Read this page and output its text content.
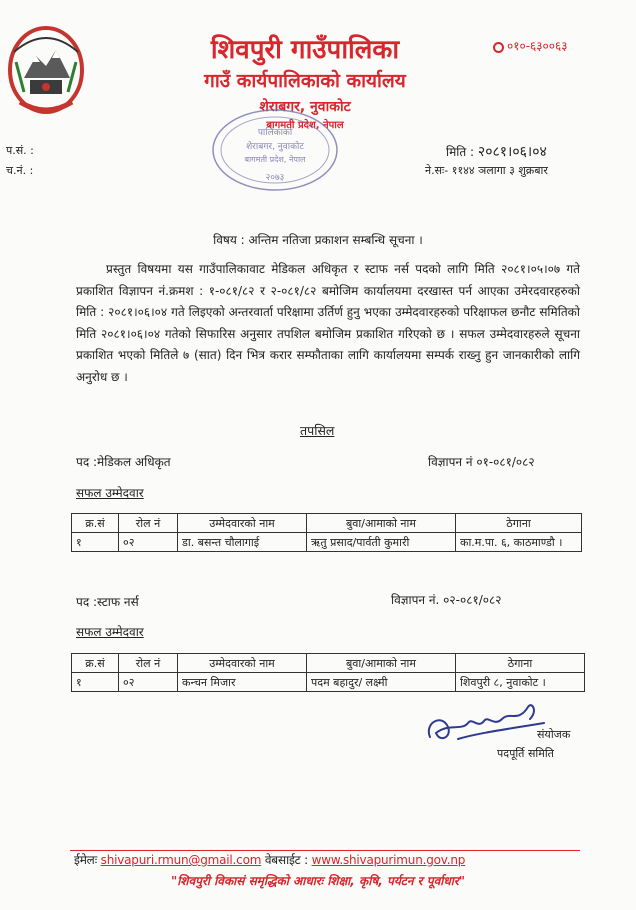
शिवपुरी गाउँपालिका
गाउँ कार्यपालिकाको कार्यालय
शेराबगर, नुवाकोट
बागमती प्रदेश, नेपाल
०१०-६३००६३
पालिकाको
शेराबगर, नुवाकोट
बागमती प्रदेश, नेपाल
२०७३
प.सं. :
च.नं. :
मिति : २०८१।०६।०४
ने.सः- ११४४ ञलागा ३ शुक्रबार
विषय : अन्तिम नतिजा प्रकाशन सम्बन्धि सूचना ।

प्रस्तुत विषयमा यस गाउँपालिकावाट मेडिकल अधिकृत र स्टाफ नर्स पदको लागि मिति २०८१।०५।०७ गते प्रकाशित विज्ञापन नं.क्रमश : १-०८१/८२ र २-०८१/८२ बमोजिम कार्यालयमा दरखास्त पर्न आएका उमेरदवारहरुको मिति : २०८१।०६।०४ गते लिइएको अन्तरवार्ता परिक्षामा उर्तिर्ण हुनु भएका उम्मेदवारहरुको परिक्षाफल छनौट समितिको मिति २०८१।०६।०४ गतेको सिफारिस अनुसार तपशिल बमोजिम प्रकाशित गरिएको छ । सफल उम्मेदवारहरुले सूचना प्रकाशित भएको मितिले ७ (सात) दिन भित्र करार सम्फौताका लागि कार्यालयमा सम्पर्क राख्नु हुन जानकारीको लागि अनुरोध छ ।

तपसिल
पद :मेडिकल अधिकृत	विज्ञापन नं ०१-०८१/०८२
सफल उम्मेदवार
क्र.सं	रोल नं	उम्मेदवारको नाम	बुवा/आमाको नाम	ठेगाना
१	०२	डा. बसन्त चौलागाई	ऋतु प्रसाद/पार्वती कुमारी	का.म.पा. ६, काठमाण्डौ ।
पद :स्टाफ नर्स	विज्ञापन नं. ०२-०८१/०८२
सफल उम्मेदवार
क्र.सं	रोल नं	उम्मेदवारको नाम	बुवा/आमाको नाम	ठेगाना
१	०२	कन्चन मिजार	पदम बहादुर/ लक्ष्मी	शिवपुरी ८, नुवाकोट ।
संयोजक
पदपूर्ति समिति
ईमेलः shivapuri.rmun@gmail.com वेबसाईट : www.shivapurimun.gov.np
"शिवपुरी विकासं समृद्धिको आधारः शिक्षा, कृषि, पर्यटन र पूर्वाधार"
